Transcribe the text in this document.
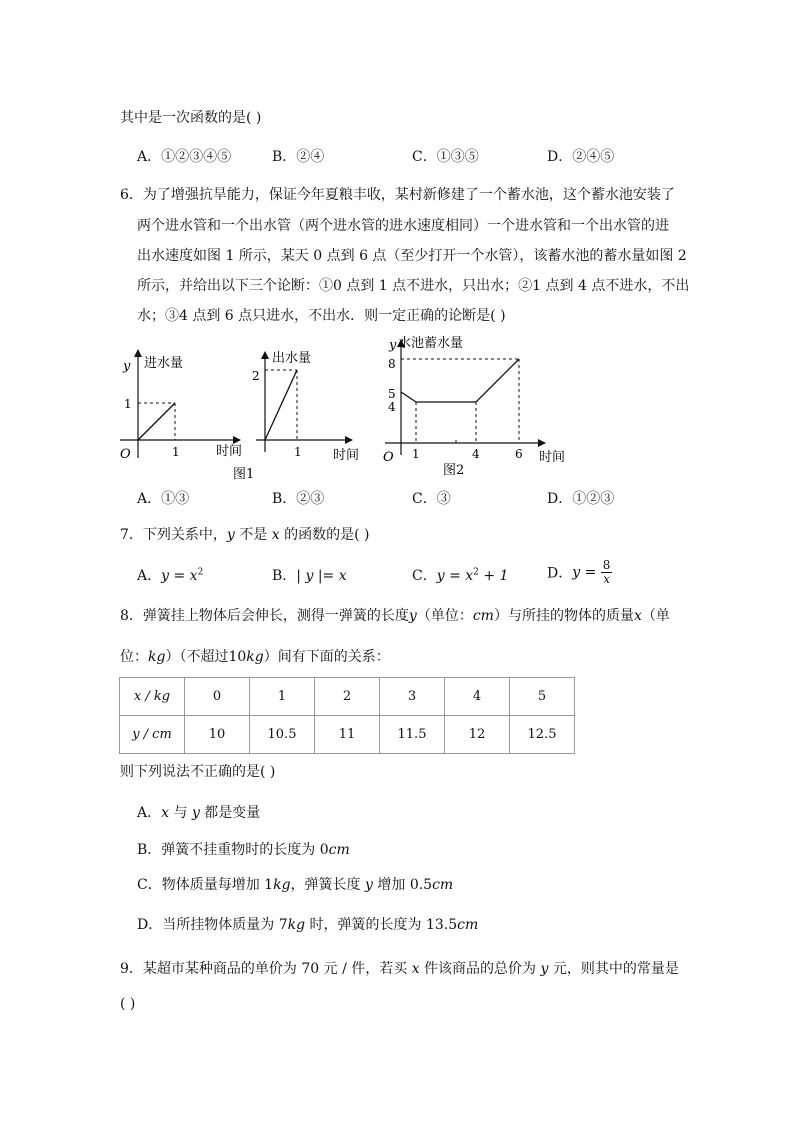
其中是一次函数的是( )
A．①②③④⑤	B．②④	C．①③⑤	D．②④⑤
6．为了增强抗旱能力，保证今年夏粮丰收，某村新修建了一个蓄水池，这个蓄水池安装了
两个进水管和一个出水管（两个进水管的进水速度相同）一个进水管和一个出水管的进
出水速度如图 1 所示，某天 0 点到 6 点（至少打开一个水管），该蓄水池的蓄水量如图 2
所示，并给出以下三个论断：①0 点到 1 点不进水，只出水；②1 点到 4 点不进水，不出
水；③4 点到 6 点只进水，不出水．则一定正确的论断是( )
y 进水量
1
1
O	时间
出水量
2
1 时间
图1
y 水池蓄水量
8
5
4
1	4	6
O	时间
图2
A．①③	B．②③	C．③	D．①②③
7．下列关系中，y 不是 x 的函数的是( )
A．$y = x^2$	B．| y |= x	C．$y = x^2 + 1$	D．$y = \frac{8}{x}$
8．弹簧挂上物体后会伸长，测得一弹簧的长度y（单位：cm）与所挂的物体的质量x（单
位：kg）（不超过10kg）间有下面的关系：
x / kg	0	1	2	3	4	5
y / cm	10	10.5	11	11.5	12	12.5
则下列说法不正确的是( )
A．x 与 y 都是变量
B．弹簧不挂重物时的长度为 0cm
C．物体质量每增加 1kg，弹簧长度 y 增加 0.5cm
D．当所挂物体质量为 7kg 时，弹簧的长度为 13.5cm
9．某超市某种商品的单价为 70 元 / 件，若买 x 件该商品的总价为 y 元，则其中的常量是
( )
